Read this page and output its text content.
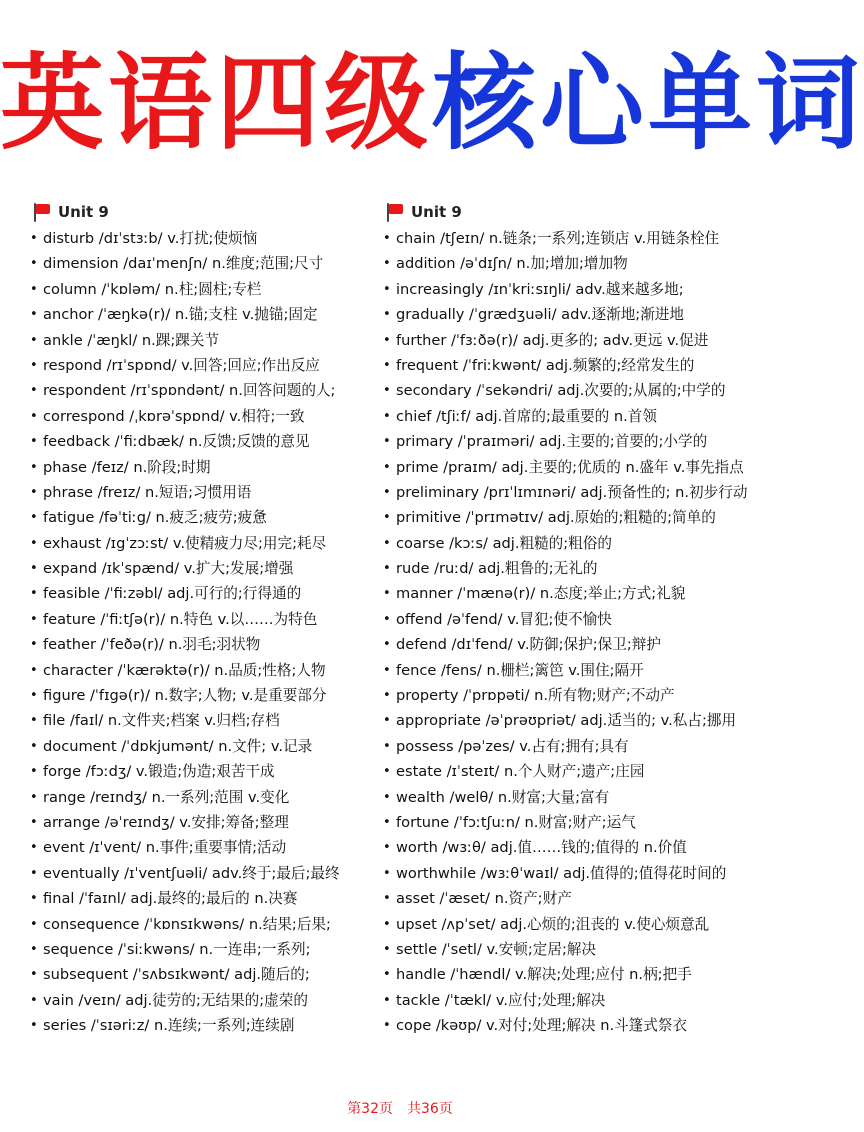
英语四级核心单词
Unit 9
• disturb /dɪˈstɜːb/ v.打扰;使烦恼
• dimension /daɪˈmenʃn/ n.维度;范围;尺寸
• column /ˈkɒləm/ n.柱;圆柱;专栏
• anchor /ˈæŋkə(r)/ n.锚;支柱 v.抛锚;固定
• ankle /ˈæŋkl/ n.踝;踝关节
• respond /rɪˈspɒnd/ v.回答;回应;作出反应
• respondent /rɪˈspɒndənt/ n.回答问题的人;
• correspond /ˌkɒrəˈspɒnd/ v.相符;一致
• feedback /ˈfiːdbæk/ n.反馈;反馈的意见
• phase /feɪz/ n.阶段;时期
• phrase /freɪz/ n.短语;习惯用语
• fatigue /fəˈtiːg/ n.疲乏;疲劳;疲惫
• exhaust /ɪgˈzɔːst/ v.使精疲力尽;用完;耗尽
• expand /ɪkˈspænd/ v.扩大;发展;增强
• feasible /ˈfiːzəbl/ adj.可行的;行得通的
• feature /ˈfiːtʃə(r)/ n.特色 v.以……为特色
• feather /ˈfeðə(r)/ n.羽毛;羽状物
• character /ˈkærəktə(r)/ n.品质;性格;人物
• figure /ˈfɪgə(r)/ n.数字;人物; v.是重要部分
• file /faɪl/ n.文件夹;档案 v.归档;存档
• document /ˈdɒkjumənt/ n.文件; v.记录
• forge /fɔːdʒ/ v.锻造;伪造;艰苦干成
• range /reɪndʒ/ n.一系列;范围 v.变化
• arrange /əˈreɪndʒ/ v.安排;筹备;整理
• event /ɪˈvent/ n.事件;重要事情;活动
• eventually /ɪˈventʃuəli/ adv.终于;最后;最终
• final /ˈfaɪnl/ adj.最终的;最后的 n.决赛
• consequence /ˈkɒnsɪkwəns/ n.结果;后果;
• sequence /ˈsiːkwəns/ n.一连串;一系列;
• subsequent /ˈsʌbsɪkwənt/ adj.随后的;
• vain /veɪn/ adj.徒劳的;无结果的;虚荣的
• series /ˈsɪəriːz/ n.连续;一系列;连续剧
Unit 9
• chain /tʃeɪn/ n.链条;一系列;连锁店 v.用链条栓住
• addition /əˈdɪʃn/ n.加;增加;增加物
• increasingly /ɪnˈkriːsɪŋli/ adv.越来越多地;
• gradually /ˈgrædʒuəli/ adv.逐渐地;渐进地
• further /ˈfɜːðə(r)/ adj.更多的; adv.更远 v.促进
• frequent /ˈfriːkwənt/ adj.频繁的;经常发生的
• secondary /ˈsekəndri/ adj.次要的;从属的;中学的
• chief /tʃiːf/ adj.首席的;最重要的 n.首领
• primary /ˈpraɪməri/ adj.主要的;首要的;小学的
• prime /praɪm/ adj.主要的;优质的 n.盛年 v.事先指点
• preliminary /prɪˈlɪmɪnəri/ adj.预备性的; n.初步行动
• primitive /ˈprɪmətɪv/ adj.原始的;粗糙的;简单的
• coarse /kɔːs/ adj.粗糙的;粗俗的
• rude /ruːd/ adj.粗鲁的;无礼的
• manner /ˈmænə(r)/ n.态度;举止;方式;礼貌
• offend /əˈfend/ v.冒犯;使不愉快
• defend /dɪˈfend/ v.防御;保护;保卫;辩护
• fence /fens/ n.栅栏;篱笆 v.围住;隔开
• property /ˈprɒpəti/ n.所有物;财产;不动产
• appropriate /əˈprəʊpriət/ adj.适当的; v.私占;挪用
• possess /pəˈzes/ v.占有;拥有;具有
• estate /ɪˈsteɪt/ n.个人财产;遗产;庄园
• wealth /welθ/ n.财富;大量;富有
• fortune /ˈfɔːtʃuːn/ n.财富;财产;运气
• worth /wɜːθ/ adj.值……钱的;值得的 n.价值
• worthwhile /wɜːθˈwaɪl/ adj.值得的;值得花时间的
• asset /ˈæset/ n.资产;财产
• upset /ʌpˈset/ adj.心烦的;沮丧的 v.使心烦意乱
• settle /ˈsetl/ v.安顿;定居;解决
• handle /ˈhændl/ v.解决;处理;应付 n.柄;把手
• tackle /ˈtækl/ v.应付;处理;解决
• cope /kəʊp/ v.对付;处理;解决 n.斗篷式祭衣
第32页 共36页
